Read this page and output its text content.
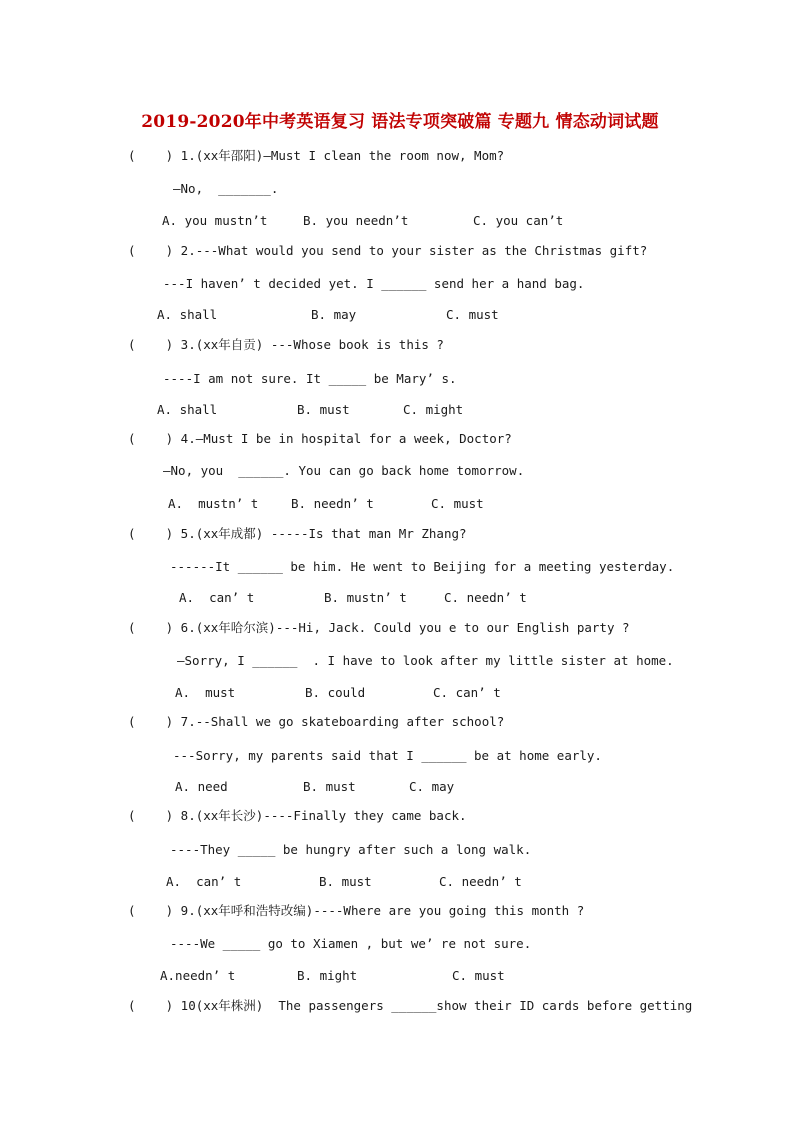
2019-2020年中考英语复习 语法专项突破篇 专题九 情态动词试题
(    ) 1.(xx年邵阳)—Must I clean the room now, Mom?
—No,  _______.

A. you mustn’t

	B. you needn’t

	C. you can’t

(    ) 2.---What would you send to your sister as the Christmas gift?
---I haven’ t decided yet. I ______ send her a hand bag.

A. shall

	B. may

	C. must

(    ) 3.(xx年自贡) ---Whose book is this ?
----I am not sure. It _____ be Mary’ s.

A. shall

	B. must

	C. might

(    ) 4.—Must I be in hospital for a week, Doctor?
—No, you  ______. You can go back home tomorrow.

A.  mustn’ t

	B. needn’ t

	C. must

(    ) 5.(xx年成都) -----Is that man Mr Zhang?
------It ______ be him. He went to Beijing for a meeting yesterday.

A.  can’ t

	B. mustn’ t

	C. needn’ t

(    ) 6.(xx年哈尔滨)---Hi, Jack. Could you e to our English party ?
—Sorry, I ______  . I have to look after my little sister at home.

A.  must

	B. could

	C. can’ t

(    ) 7.--Shall we go skateboarding after school?
---Sorry, my parents said that I ______ be at home early.

A. need

	B. must

	C. may

(    ) 8.(xx年长沙)----Finally they came back.
----They _____ be hungry after such a long walk.

A.  can’ t

	B. must

	C. needn’ t

(    ) 9.(xx年呼和浩特改编)----Where are you going this month ?
----We _____ go to Xiamen , but we’ re not sure.

A.needn’ t

	B. might

	C. must

(    ) 10(xx年株洲)  The passengers ______show their ID cards before getting
